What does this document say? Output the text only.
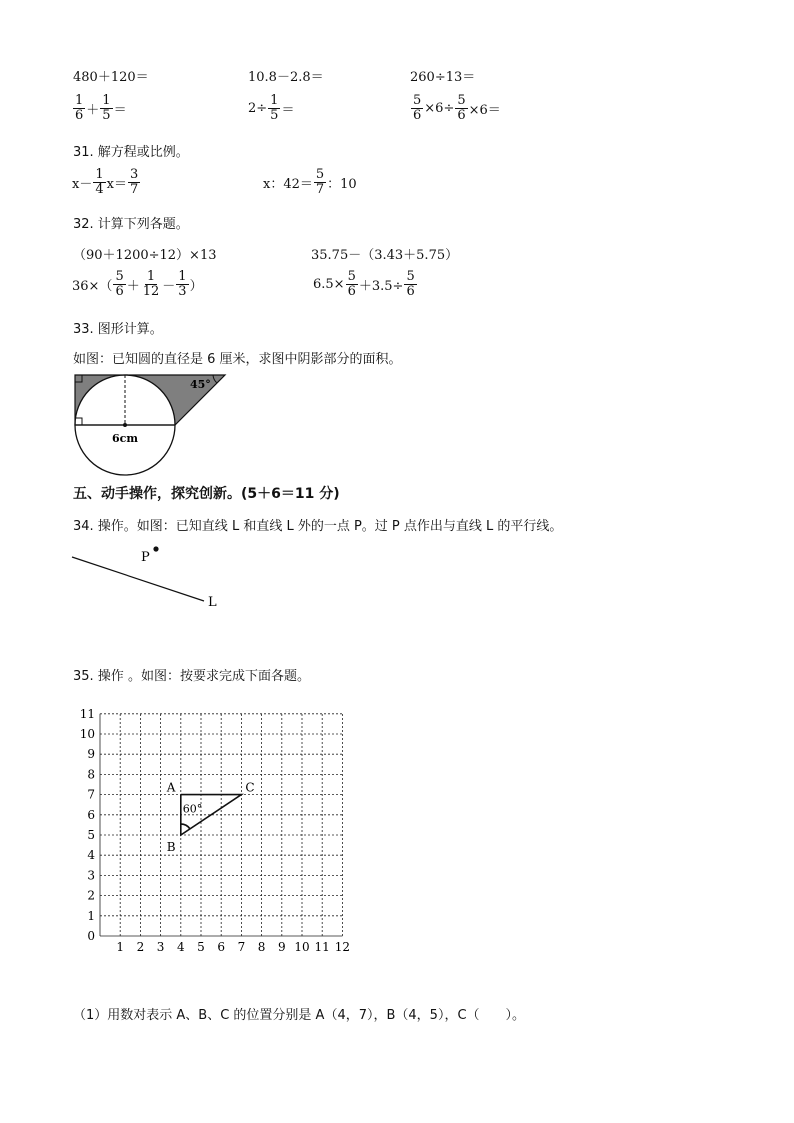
480＋120＝	10.8－2.8＝	260÷13＝
$\frac{1}{6} + \frac{1}{5}$ ＝	$2\div \frac{1}{5}$ ＝	$\frac{5}{6} \times 6\div \frac{5}{6} \times 6=$
31. 解方程或比例。
$x- \frac{1}{4} x= \frac{3}{7}$	x：$42= \frac{5}{7}$ ：10
32. 计算下列各题。
（90＋1200÷12）×13	35.75－（3.43＋5.75）
$36\times( \frac{5}{6} + \frac{1}{12} - \frac{1}{3}$ ）	$6.5\times \frac{5}{6} +3.5\div \frac{5}{6}$
33. 图形计算。
如图：已知圆的直径是 6 厘米，求图中阴影部分的面积。
45°
6cm
五、动手操作，探究创新。(5＋6＝11 分)
34. 操作。如图：已知直线 L 和直线 L 外的一点 P。过 P 点作出与直线 L 的平行线。
P
L
35. 操作 。如图：按要求完成下面各题。
0
1
2
3
4
5
6
7
8
9
10
11
1 2 3 4 5 6 7 8 9 10 11 12
60°
A
B
C
（1）用数对表示 A、B、C 的位置分别是 A（4，7），B（4，5），C（　　）。
